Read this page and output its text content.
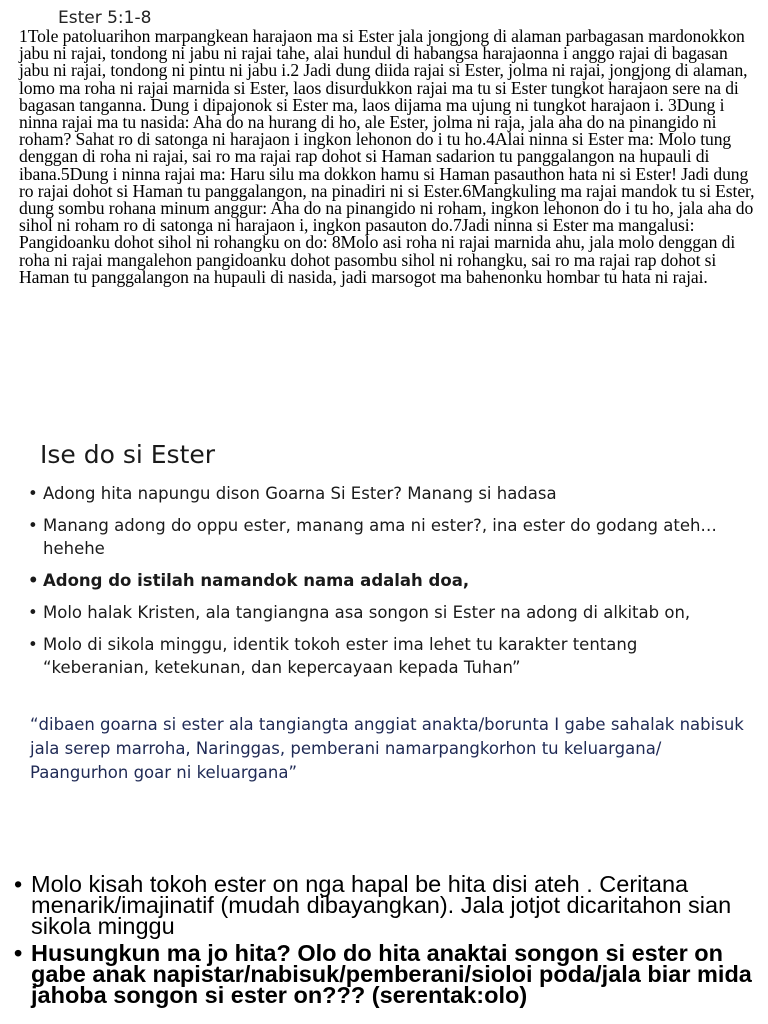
Ester 5:1-8

1Tole patoluarihon marpangkean harajaon ma si Ester jala jongjong di alaman parbagasan mardonokkon jabu ni rajai, tondong ni jabu ni rajai tahe, alai hundul di habangsa harajaonna i anggo rajai di bagasan jabu ni rajai, tondong ni pintu ni jabu i.2 Jadi dung diida rajai si Ester, jolma ni rajai, jongjong di alaman, lomo ma roha ni rajai marnida si Ester, laos disurdukkon rajai ma tu si Ester tungkot harajaon sere na di bagasan tanganna. Dung i dipajonok si Ester ma, laos dijama ma ujung ni tungkot harajaon i. 3Dung i ninna rajai ma tu nasida: Aha do na hurang di ho, ale Ester, jolma ni raja, jala aha do na pinangido ni roham? Sahat ro di satonga ni harajaon i ingkon lehonon do i tu ho.4Alai ninna si Ester ma: Molo tung denggan di roha ni rajai, sai ro ma rajai rap dohot si Haman sadarion tu panggalangon na hupauli di ibana.5Dung i ninna rajai ma: Haru silu ma dokkon hamu si Haman pasauthon hata ni si Ester! Jadi dung ro rajai dohot si Haman tu panggalangon, na pinadiri ni si Ester.6Mangkuling ma rajai mandok tu si Ester, dung sombu rohana minum anggur: Aha do na pinangido ni roham, ingkon lehonon do i tu ho, jala aha do sihol ni roham ro di satonga ni harajaon i, ingkon pasauton do.7Jadi ninna si Ester ma mangalusi: Pangidoanku dohot sihol ni rohangku on do: 8Molo asi roha ni rajai marnida ahu, jala molo denggan di roha ni rajai mangalehon pangidoanku dohot pasombu sihol ni rohangku, sai ro ma rajai rap dohot si Haman tu panggalangon na hupauli di nasida, jadi marsogot ma bahenonku hombar tu hata ni rajai.

Ise do si Ester
• Adong hita napungu dison Goarna Si Ester? Manang si hadasa
• Manang adong do oppu ester, manang ama ni ester?, ina ester do godang ateh… hehehe
• Adong do istilah namandok nama adalah doa,
• Molo halak Kristen, ala tangiangna asa songon si Ester na adong di alkitab on,
• Molo di sikola minggu, identik tokoh ester ima lehet tu karakter tentang “keberanian, ketekunan, dan kepercayaan kepada Tuhan”

“dibaen goarna si ester ala tangiangta anggiat anakta/borunta I gabe sahalak nabisuk jala serep marroha, Naringgas, pemberani namarpangkorhon tu keluargana/ Paangurhon goar ni keluargana”

• Molo kisah tokoh ester on nga hapal be hita disi ateh . Ceritana menarik/imajinatif (mudah dibayangkan). Jala jotjot dicaritahon sian sikola minggu
• Husungkun ma jo hita? Olo do hita anaktai songon si ester on gabe anak napistar/nabisuk/pemberani/sioloi poda/jala biar mida jahoba songon si ester on??? (serentak:olo)
